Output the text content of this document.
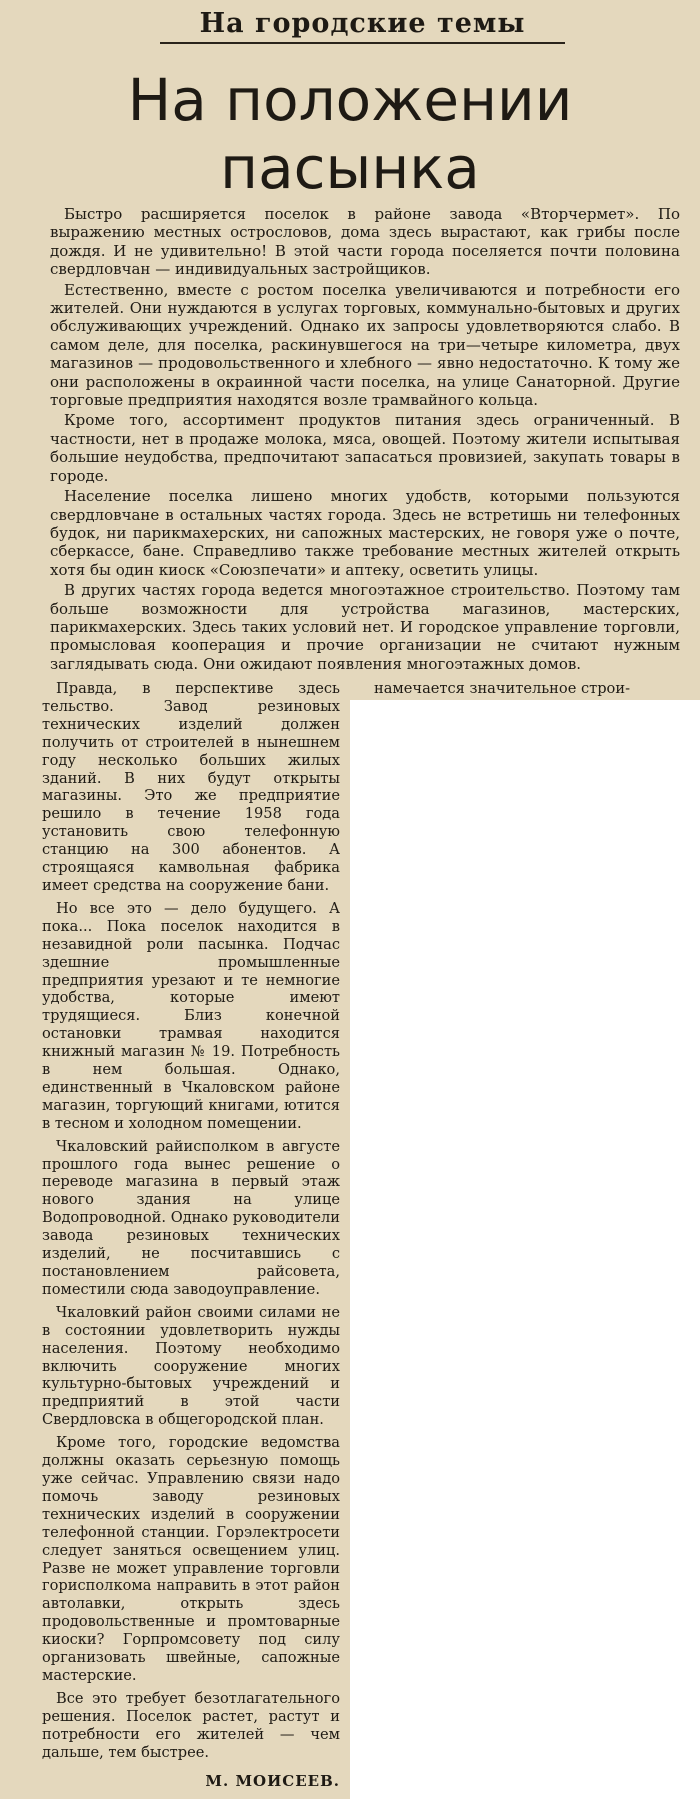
На городские темы
На положении пасынка

Быстро расширяется поселок в районе завода «Вторчермет». По выражению местных острословов, дома здесь вырастают, как грибы после дождя. И не удивительно! В этой части города поселяется почти половина свердловчан — индивидуальных застройщиков.

Естественно, вместе с ростом поселка увеличиваются и потребности его жителей. Они нуждаются в услугах торговых, коммунально-бытовых и других обслуживающих учреждений. Однако их запросы удовлетворяются слабо. В самом деле, для поселка, раскинувшегося на три—четыре километра, двух магазинов — продовольственного и хлебного — явно недостаточно. К тому же они расположены в окраинной части поселка, на улице Санаторной. Другие торговые предприятия находятся возле трамвайного кольца.

Кроме того, ассортимент продуктов питания здесь ограниченный. В частности, нет в продаже молока, мяса, овощей. Поэтому жители испытывая большие неудобства, предпочитают запасаться провизией, закупать товары в городе.

Население поселка лишено многих удобств, которыми пользуются свердловчане в остальных частях города. Здесь не встретишь ни телефонных будок, ни парикмахерских, ни сапожных мастерских, не говоря уже о почте, сберкассе, бане. Справедливо также требование местных жителей открыть хотя бы один киоск «Союзпечати» и аптеку, осветить улицы.

В других частях города ведется многоэтажное строительство. Поэтому там больше возможности для устройства магазинов, мастерских, парикмахерских. Здесь таких условий нет. И городское управление торговли, промысловая кооперация и прочие организации не считают нужным заглядывать сюда. Они ожидают появления многоэтажных домов.

Правда, в перспективе здесь тельство. Завод резиновых технических изделий должен получить от строителей в нынешнем году несколько больших жилых зданий. В них будут открыты магазины. Это же предприятие решило в течение 1958 года установить свою телефонную станцию на 300 абонентов. А строящаяся камвольная фабрика имеет средства на сооружение бани.

Но все это — дело будущего. А пока... Пока поселок находится в незавидной роли пасынка. Подчас здешние промышленные предприятия урезают и те немногие удобства, которые имеют трудящиеся. Близ конечной остановки трамвая находится книжный магазин № 19. Потребность в нем большая. Однако, единственный в Чкаловском районе магазин, торгующий книгами, ютится в тесном и холодном помещении.

Чкаловский райисполком в августе прошлого года вынес решение о переводе магазина в первый этаж нового здания на улице Водопроводной. Однако руководители завода резиновых технических изделий, не посчитавшись с постановлением райсовета, поместили сюда заводоуправление.

Чкаловкий район своими силами не в состоянии удовлетворить нужды населения. Поэтому необходимо включить сооружение многих культурно-бытовых учреждений и предприятий в этой части Свердловска в общегородской план.

Кроме того, городские ведомства должны оказать серьезную помощь уже сейчас. Управлению связи надо помочь заводу резиновых технических изделий в сооружении телефонной станции. Горэлектросети следует заняться освещением улиц. Разве не может управление торговли горисполкома направить в этот район автолавки, открыть здесь продовольственные и промтоварные киоски? Горпромсовету под силу организовать швейные, сапожные мастерские.

Все это требует безотлагательного решения. Поселок растет, растут и потребности его жителей — чем дальше, тем быстрее.

намечается значительное строи-

М. МОИСЕЕВ.
